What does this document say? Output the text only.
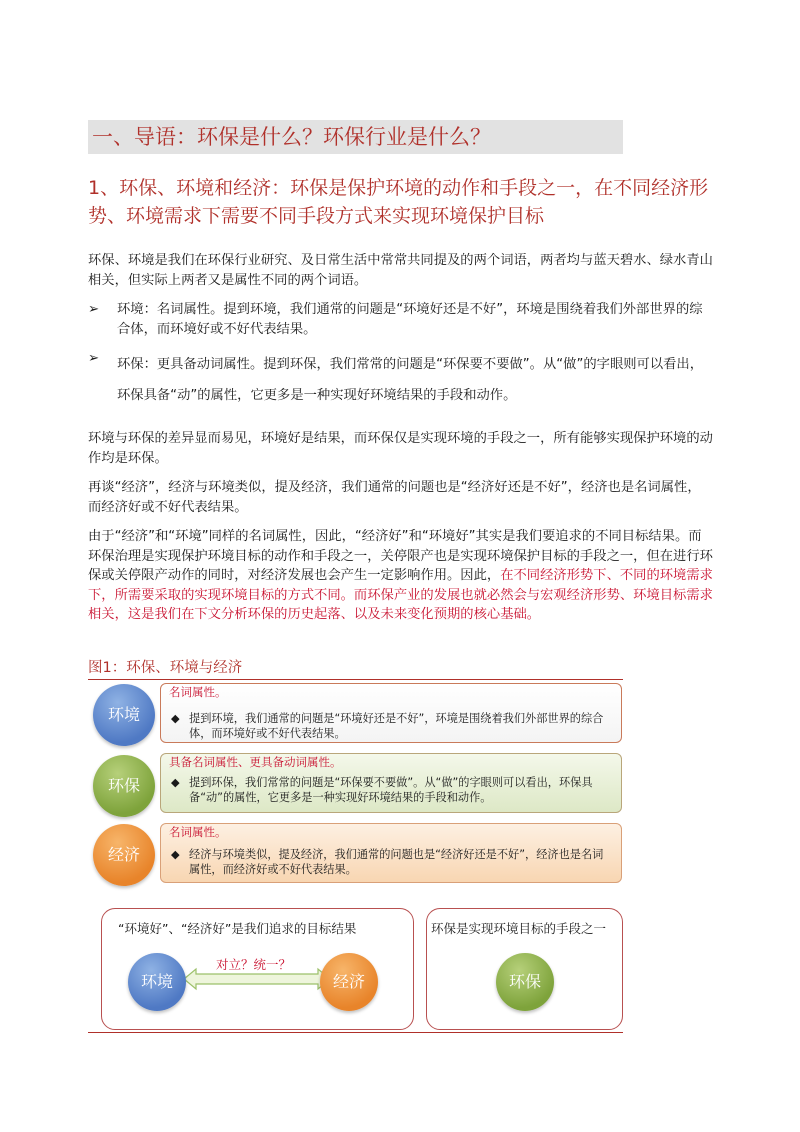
一、导语：环保是什么？环保行业是什么？
1、环保、环境和经济：环保是保护环境的动作和手段之一，在不同经济形势、环境需求下需要不同手段方式来实现环境保护目标
环保、环境是我们在环保行业研究、及日常生活中常常共同提及的两个词语，两者均与蓝天碧水、绿水青山相关，但实际上两者又是属性不同的两个词语。
➢	环境：名词属性。提到环境，我们通常的问题是“环境好还是不好”，环境是围绕着我们外部世界的综合体，而环境好或不好代表结果。
➢	环保：更具备动词属性。提到环保，我们常常的问题是“环保要不要做”。从“做”的字眼则可以看出，环保具备“动”的属性，它更多是一种实现好环境结果的手段和动作。
环境与环保的差异显而易见，环境好是结果，而环保仅是实现环境的手段之一，所有能够实现保护环境的动作均是环保。
再谈“经济”，经济与环境类似，提及经济，我们通常的问题也是“经济好还是不好”，经济也是名词属性，而经济好或不好代表结果。
由于“经济”和“环境”同样的名词属性，因此，“经济好”和“环境好”其实是我们要追求的不同目标结果。而环保治理是实现保护环境目标的动作和手段之一，关停限产也是实现环境保护目标的手段之一，但在进行环保或关停限产动作的同时，对经济发展也会产生一定影响作用。因此，在不同经济形势下、不同的环境需求下，所需要采取的实现环境目标的方式不同。而环保产业的发展也就必然会与宏观经济形势、环境目标需求相关，这是我们在下文分析环保的历史起落、以及未来变化预期的核心基础。
图1：环保、环境与经济
环境
名词属性。
◆ 提到环境，我们通常的问题是“环境好还是不好”，环境是围绕着我们外部世界的综合体，而环境好或不好代表结果。
环保
具备名词属性、更具备动词属性。
◆ 提到环保，我们常常的问题是“环保要不要做”。从“做”的字眼则可以看出，环保具备“动”的属性，它更多是一种实现好环境结果的手段和动作。
经济
名词属性。
◆ 经济与环境类似，提及经济，我们通常的问题也是“经济好还是不好”，经济也是名词属性，而经济好或不好代表结果。
“环境好”、“经济好”是我们追求的目标结果
对立？统一？
环境	经济
环保是实现环境目标的手段之一
环保
